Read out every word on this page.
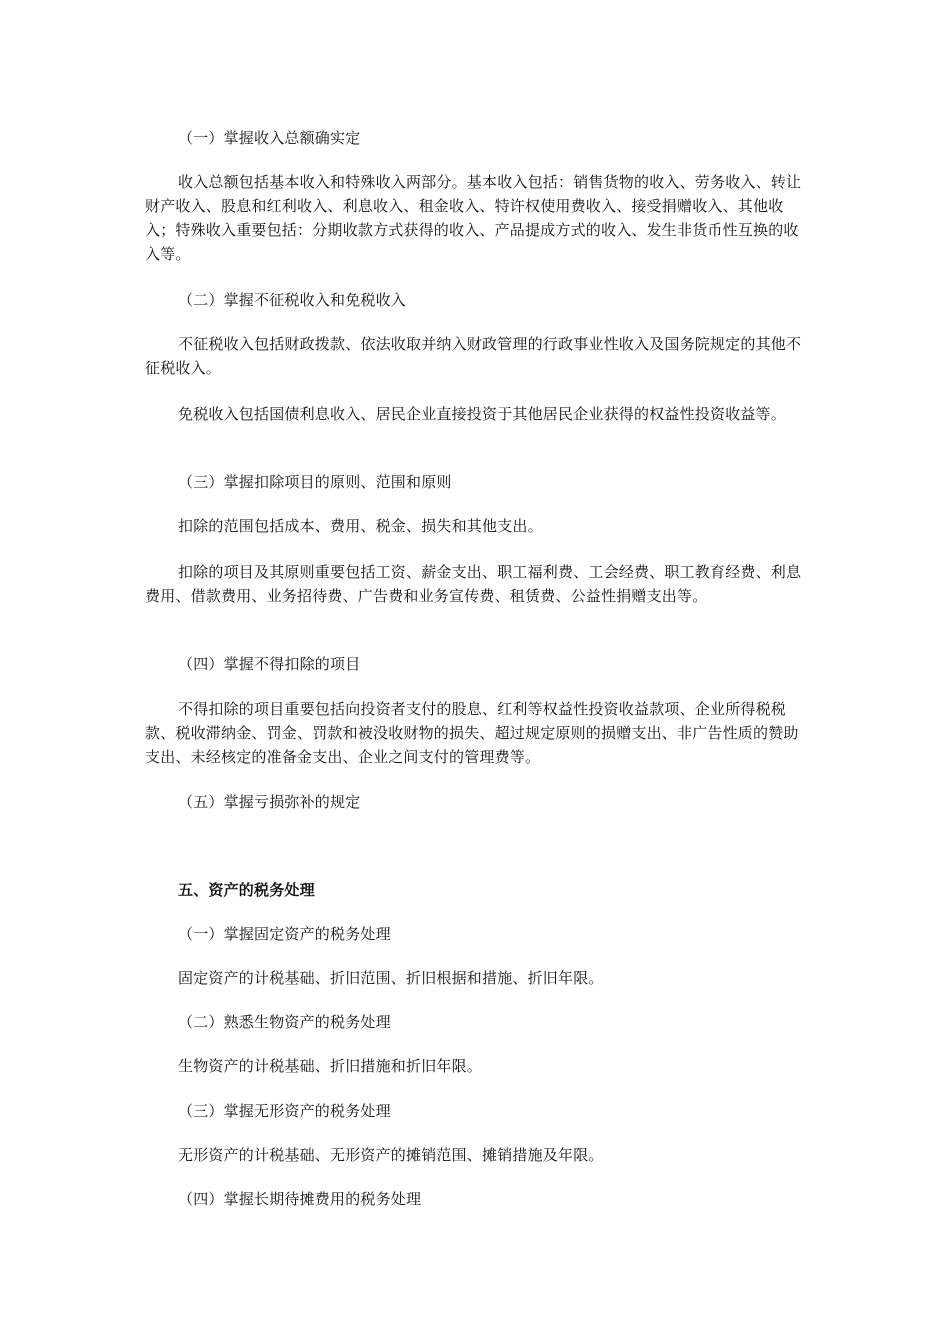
（一）掌握收入总额确实定

收入总额包括基本收入和特殊收入两部分。基本收入包括：销售货物的收入、劳务收入、转让财产收入、股息和红利收入、利息收入、租金收入、特许权使用费收入、接受捐赠收入、其他收入；特殊收入重要包括：分期收款方式获得的收入、产品提成方式的收入、发生非货币性互换的收入等。

（二）掌握不征税收入和免税收入

不征税收入包括财政拨款、依法收取并纳入财政管理的行政事业性收入及国务院规定的其他不征税收入。

免税收入包括国债利息收入、居民企业直接投资于其他居民企业获得的权益性投资收益等。

（三）掌握扣除项目的原则、范围和原则

扣除的范围包括成本、费用、税金、损失和其他支出。

扣除的项目及其原则重要包括工资、薪金支出、职工福利费、工会经费、职工教育经费、利息费用、借款费用、业务招待费、广告费和业务宣传费、租赁费、公益性捐赠支出等。

（四）掌握不得扣除的项目

不得扣除的项目重要包括向投资者支付的股息、红利等权益性投资收益款项、企业所得税税款、税收滞纳金、罚金、罚款和被没收财物的损失、超过规定原则的损赠支出、非广告性质的赞助支出、未经核定的准备金支出、企业之间支付的管理费等。

（五）掌握亏损弥补的规定

五、资产的税务处理

（一）掌握固定资产的税务处理

固定资产的计税基础、折旧范围、折旧根据和措施、折旧年限。

（二）熟悉生物资产的税务处理

生物资产的计税基础、折旧措施和折旧年限。

（三）掌握无形资产的税务处理

无形资产的计税基础、无形资产的摊销范围、摊销措施及年限。

（四）掌握长期待摊费用的税务处理
